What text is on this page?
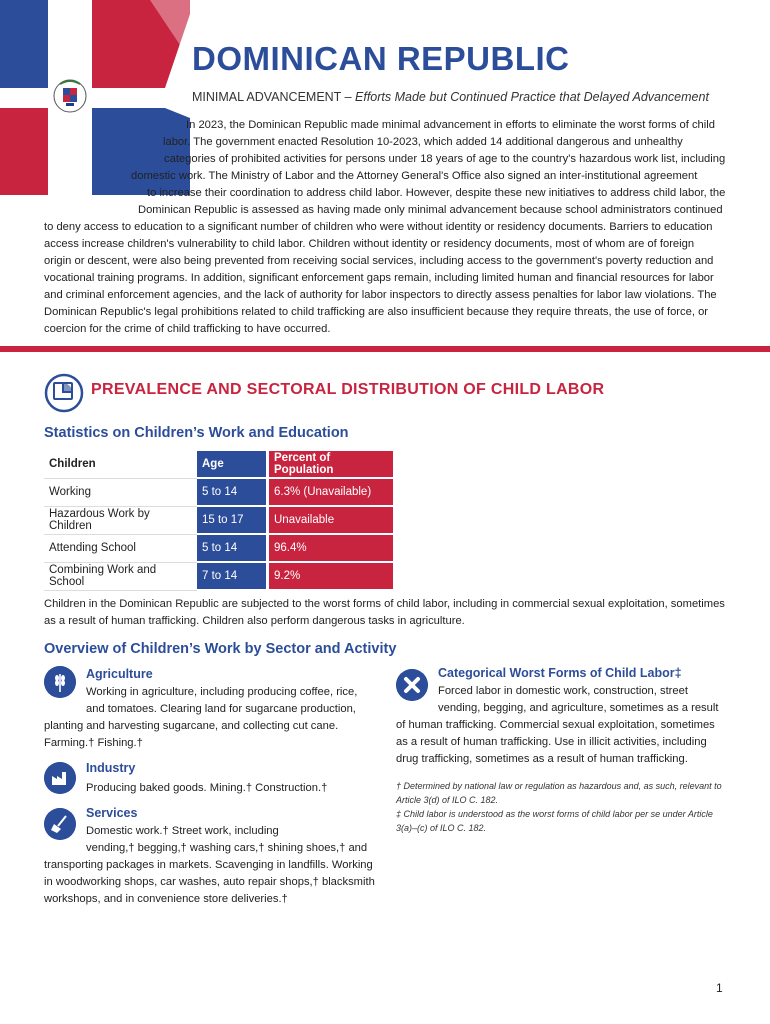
DOMINICAN REPUBLIC
MINIMAL ADVANCEMENT – Efforts Made but Continued Practice that Delayed Advancement
In 2023, the Dominican Republic made minimal advancement in efforts to eliminate the worst forms of child
labor. The government enacted Resolution 10-2023, which added 14 additional dangerous and unhealthy
categories of prohibited activities for persons under 18 years of age to the country's hazardous work list, including
domestic work. The Ministry of Labor and the Attorney General's Office also signed an inter-institutional agreement
to increase their coordination to address child labor. However, despite these new initiatives to address child labor, the
Dominican Republic is assessed as having made only minimal advancement because school administrators continued
to deny access to education to a significant number of children who were without identity or residency documents. Barriers to education
access increase children's vulnerability to child labor. Children without identity or residency documents, most of whom are of foreign
origin or descent, were also being prevented from receiving social services, including access to the government's poverty reduction and
vocational training programs. In addition, significant enforcement gaps remain, including limited human and financial resources for labor
and criminal enforcement agencies, and the lack of authority for labor inspectors to directly assess penalties for labor law violations. The
Dominican Republic's legal prohibitions related to child trafficking are also insufficient because they require threats, the use of force, or
coercion for the crime of child trafficking to have occurred.
PREVALENCE AND SECTORAL DISTRIBUTION OF CHILD LABOR
Statistics on Children’s Work and Education
Children	Age		Percent of Population
Working	5 to 14		6.3% (Unavailable)
Hazardous Work by Children	15 to 17		Unavailable
Attending School	5 to 14		96.4%
Combining Work and School	7 to 14		9.2%
Children in the Dominican Republic are subjected to the worst forms of child labor, including in commercial sexual exploitation, sometimes
as a result of human trafficking. Children also perform dangerous tasks in agriculture.
Overview of Children’s Work by Sector and Activity
Agriculture
Working in agriculture, including producing coffee, rice,
and tomatoes. Clearing land for sugarcane production,
planting and harvesting sugarcane, and collecting cut cane.
Farming.† Fishing.†
Industry
Producing baked goods. Mining.† Construction.†
Services
Domestic work.† Street work, including
vending,† begging,† washing cars,† shining shoes,† and
transporting packages in markets. Scavenging in landfills. Working
in woodworking shops, car washes, auto repair shops,† blacksmith
workshops, and in convenience store deliveries.†
Categorical Worst Forms of Child Labor‡
Forced labor in domestic work, construction, street
vending, begging, and agriculture, sometimes as a result
of human trafficking. Commercial sexual exploitation, sometimes
as a result of human trafficking. Use in illicit activities, including
drug trafficking, sometimes as a result of human trafficking.
† Determined by national law or regulation as hazardous and, as such, relevant to
Article 3(d) of ILO C. 182.
‡ Child labor is understood as the worst forms of child labor per se under Article
3(a)–(c) of ILO C. 182.
1
